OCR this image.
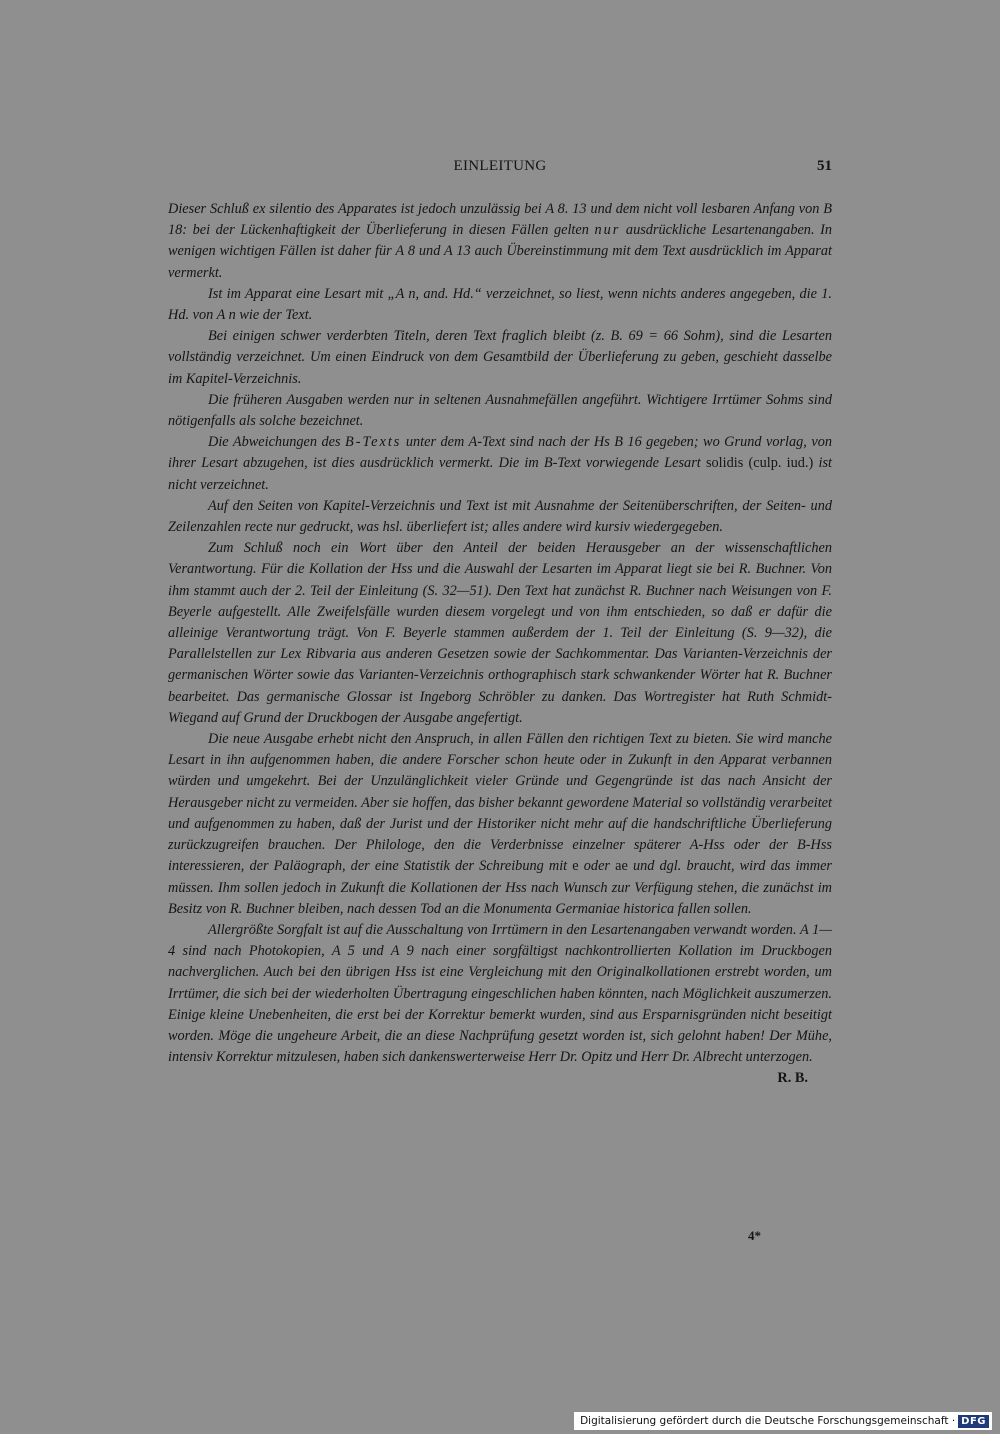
EINLEITUNG	51

Dieser Schluß ex silentio des Apparates ist jedoch unzulässig bei A 8. 13 und dem nicht voll lesbaren Anfang von B 18: bei der Lückenhaftigkeit der Überlieferung in diesen Fällen gelten nur ausdrückliche Lesartenangaben. In wenigen wichtigen Fällen ist daher für A 8 und A 13 auch Übereinstimmung mit dem Text ausdrücklich im Apparat vermerkt.

Ist im Apparat eine Lesart mit „A n, and. Hd.“ verzeichnet, so liest, wenn nichts anderes angegeben, die 1. Hd. von A n wie der Text.

Bei einigen schwer verderbten Titeln, deren Text fraglich bleibt (z. B. 69 = 66 Sohm), sind die Lesarten vollständig verzeichnet. Um einen Eindruck von dem Gesamtbild der Überlieferung zu geben, geschieht dasselbe im Kapitel-Verzeichnis.

Die früheren Ausgaben werden nur in seltenen Ausnahmefällen angeführt. Wichtigere Irrtümer Sohms sind nötigenfalls als solche bezeichnet.

Die Abweichungen des B-Texts unter dem A-Text sind nach der Hs B 16 gegeben; wo Grund vorlag, von ihrer Lesart abzugehen, ist dies ausdrücklich vermerkt. Die im B-Text vorwiegende Lesart solidis (culp. iud.) ist nicht verzeichnet.

Auf den Seiten von Kapitel-Verzeichnis und Text ist mit Ausnahme der Seitenüberschriften, der Seiten- und Zeilenzahlen recte nur gedruckt, was hsl. überliefert ist; alles andere wird kursiv wiedergegeben.

Zum Schluß noch ein Wort über den Anteil der beiden Herausgeber an der wissenschaftlichen Verantwortung. Für die Kollation der Hss und die Auswahl der Lesarten im Apparat liegt sie bei R. Buchner. Von ihm stammt auch der 2. Teil der Einleitung (S. 32—51). Den Text hat zunächst R. Buchner nach Weisungen von F. Beyerle aufgestellt. Alle Zweifelsfälle wurden diesem vorgelegt und von ihm entschieden, so daß er dafür die alleinige Verantwortung trägt. Von F. Beyerle stammen außerdem der 1. Teil der Einleitung (S. 9—32), die Parallelstellen zur Lex Ribvaria aus anderen Gesetzen sowie der Sachkommentar. Das Varianten-Verzeichnis der germanischen Wörter sowie das Varianten-Verzeichnis orthographisch stark schwankender Wörter hat R. Buchner bearbeitet. Das germanische Glossar ist Ingeborg Schröbler zu danken. Das Wortregister hat Ruth Schmidt-Wiegand auf Grund der Druckbogen der Ausgabe angefertigt.

Die neue Ausgabe erhebt nicht den Anspruch, in allen Fällen den richtigen Text zu bieten. Sie wird manche Lesart in ihn aufgenommen haben, die andere Forscher schon heute oder in Zukunft in den Apparat verbannen würden und umgekehrt. Bei der Unzulänglichkeit vieler Gründe und Gegengründe ist das nach Ansicht der Herausgeber nicht zu vermeiden. Aber sie hoffen, das bisher bekannt gewordene Material so vollständig verarbeitet und aufgenommen zu haben, daß der Jurist und der Historiker nicht mehr auf die handschriftliche Überlieferung zurückzugreifen brauchen. Der Philologe, den die Verderbnisse einzelner späterer A-Hss oder der B-Hss interessieren, der Paläograph, der eine Statistik der Schreibung mit e oder ae und dgl. braucht, wird das immer müssen. Ihm sollen jedoch in Zukunft die Kollationen der Hss nach Wunsch zur Verfügung stehen, die zunächst im Besitz von R. Buchner bleiben, nach dessen Tod an die Monumenta Germaniae historica fallen sollen.

Allergrößte Sorgfalt ist auf die Ausschaltung von Irrtümern in den Lesartenangaben verwandt worden. A 1—4 sind nach Photokopien, A 5 und A 9 nach einer sorgfältigst nachkontrollierten Kollation im Druckbogen nachverglichen. Auch bei den übrigen Hss ist eine Vergleichung mit den Originalkollationen erstrebt worden, um Irrtümer, die sich bei der wiederholten Übertragung eingeschlichen haben könnten, nach Möglichkeit auszumerzen. Einige kleine Unebenheiten, die erst bei der Korrektur bemerkt wurden, sind aus Ersparnisgründen nicht beseitigt worden. Möge die ungeheure Arbeit, die an diese Nachprüfung gesetzt worden ist, sich gelohnt haben! Der Mühe, intensiv Korrektur mitzulesen, haben sich dankenswerterweise Herr Dr. Opitz und Herr Dr. Albrecht unterzogen.
R. B.

4*
Digitalisierung gefördert durch die Deutsche Forschungsgemeinschaft · DFG
